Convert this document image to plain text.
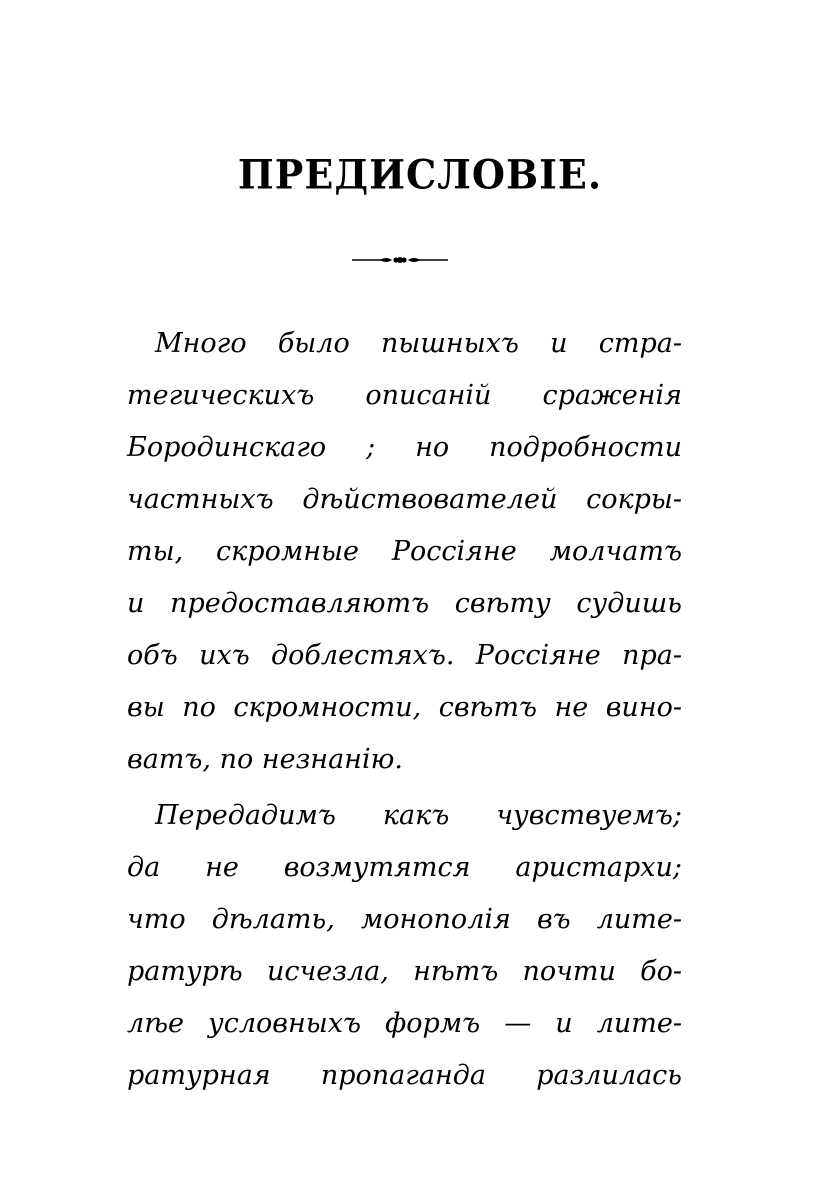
ПРЕДИСЛОВІЕ.
Много было пышныхъ и стра-
тегическихъ описаній сраженія
Бородинскаго ; но подробности
частныхъ дѣйствователей сокры-
ты, скромные Россіяне молчатъ
и предоставляютъ свѣту судишь
объ ихъ доблестяхъ. Россіяне пра-
вы по скромности, свѣтъ не вино-
ватъ, по незнанію.
Передадимъ какъ чувствуемъ;
да не возмутятся аристархи;
что дѣлать, монополія въ лите-
ратурѣ исчезла, нѣтъ почти бо-
лѣе условныхъ формъ — и лите-
ратурная пропаганда разлилась
